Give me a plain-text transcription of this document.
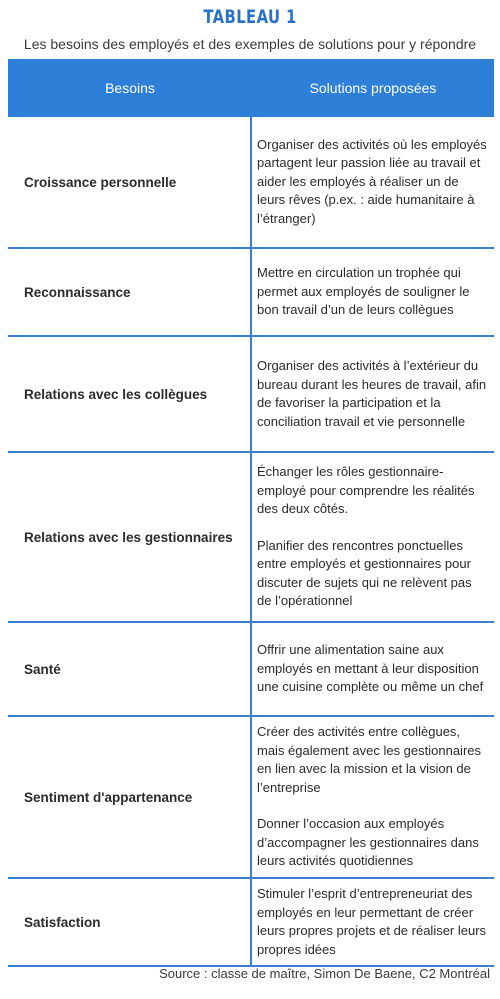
TABLEAU 1
Les besoins des employés et des exemples de solutions pour y répondre
Besoins	Solutions proposées
Croissance personnelle

Organiser des activités où les employés partagent leur passion liée au travail et aider les employés à réaliser un de leurs rêves (p.ex. : aide humanitaire à l’étranger)

Reconnaissance

Mettre en circulation un trophée qui permet aux employés de souligner le bon travail d’un de leurs collègues

Relations avec les collègues

Organiser des activités à l’extérieur du bureau durant les heures de travail, afin de favoriser la participation et la conciliation travail et vie personnelle

Relations avec les gestionnaires

Échanger les rôles gestionnaire-employé pour comprendre les réalités des deux côtés.

Planifier des rencontres ponctuelles entre employés et gestionnaires pour discuter de sujets qui ne relèvent pas de l’opérationnel

Santé

Offrir une alimentation saine aux employés en mettant à leur disposition une cuisine complète ou même un chef

Sentiment d'appartenance

Créer des activités entre collègues, mais également avec les gestionnaires en lien avec la mission et la vision de l’entreprise

Donner l’occasion aux employés d’accompagner les gestionnaires dans leurs activités quotidiennes

Satisfaction

Stimuler l’esprit d’entrepreneuriat des employés en leur permettant de créer leurs propres projets et de réaliser leurs propres idées

Source : classe de maître, Simon De Baene, C2 Montréal
